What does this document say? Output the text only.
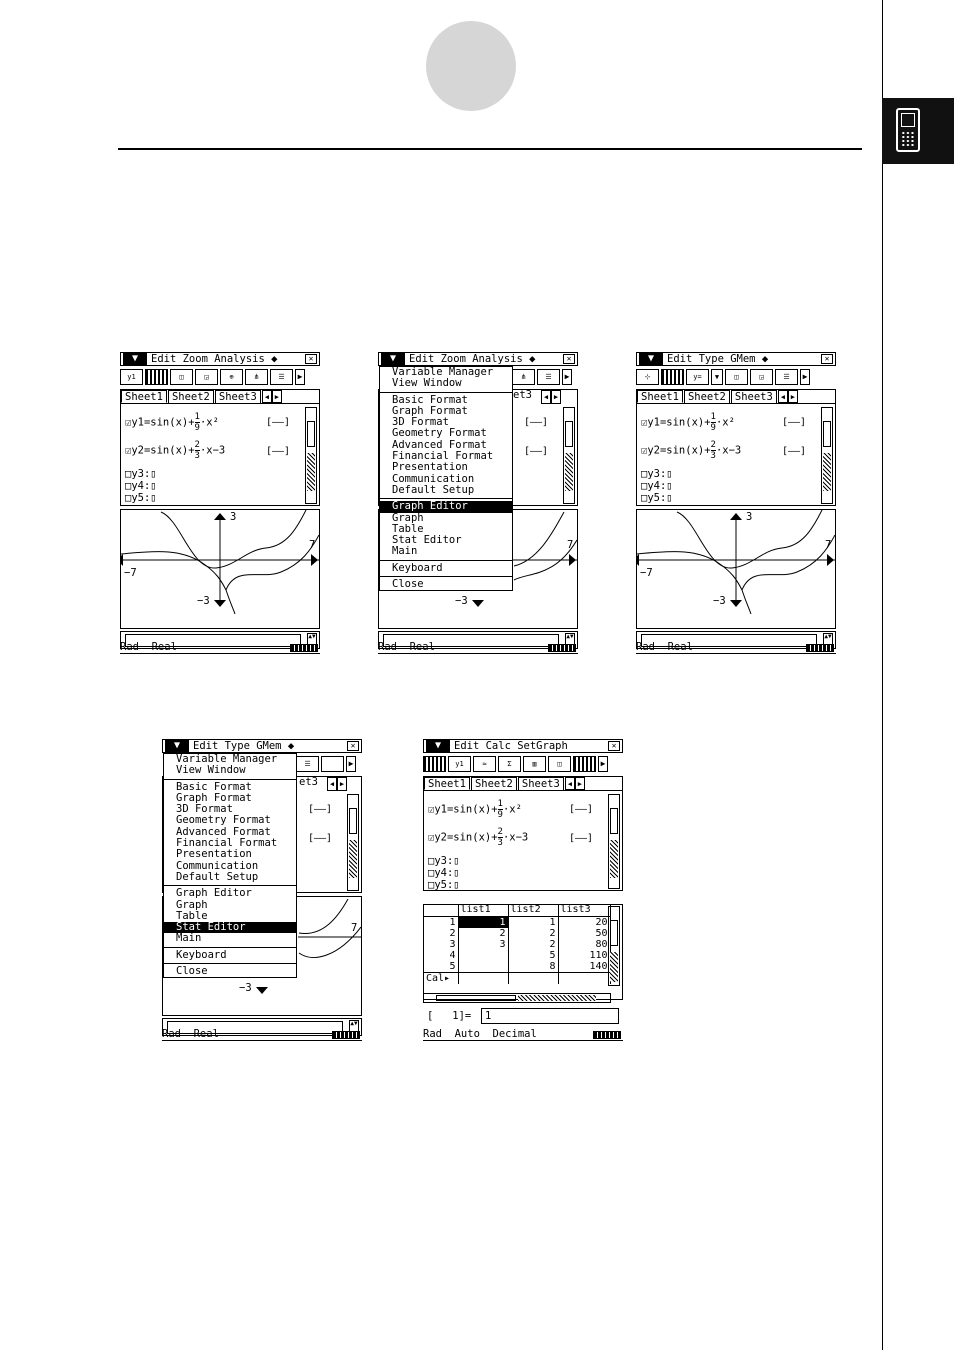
▼	Edit Zoom Analysis ◆	✕
y1	◫	◲	⊕	⋔	☰	▶
Sheet1 Sheet2 Sheet3	◀ ▶
☑y1=sin(x)+ $\frac{1}{9} \cdot x^2$	[——]
☑y2=sin(x)+ $\frac{2}{3} \cdot x-3$	[——]
□y3:▯
□y4:▯
□y5:▯
3
−3
7
−7
▲▼
Rad  Real
▼	Edit Zoom Analysis ◆	✕
⋔	☰	▶
et3	◀ ▶
[——]
[——]
−3
7
▲▼
Rad  Real
Variable Manager
View Window
Basic Format
Graph Format
3D Format
Geometry Format
Advanced Format
Financial Format
Presentation
Communication
Default Setup
Graph Editor
Graph
Table
Stat Editor
Main
Keyboard
Close
▼	Edit Type GMem ◆	✕
⊹	y=	▼	◫	◲	☰	▶
Sheet1 Sheet2 Sheet3	◀ ▶
☑y1=sin(x)+ $\frac{1}{9} \cdot x^2$	[——]
☑y2=sin(x)+ $\frac{2}{3} \cdot x-3$	[——]
□y3:▯
□y4:▯
□y5:▯
3
−3
7
−7
▲▼
Rad  Real
▼	Edit Type GMem ◆	✕
☰	▶
et3	◀ ▶
[——]
[——]
−3
7
▲▼
Rad  Real
Variable Manager
View Window
Basic Format
Graph Format
3D Format
Geometry Format
Advanced Format
Financial Format
Presentation
Communication
Default Setup
Graph Editor
Graph
Table
Stat Editor
Main
Keyboard
Close
▼	Edit Calc SetGraph	✕
y1	≈	Σ	▥	◫	▶
Sheet1 Sheet2 Sheet3	◀ ▶
☑y1=sin(x)+ $\frac{1}{9} \cdot x^2$	[——]
☑y2=sin(x)+ $\frac{2}{3} \cdot x-3$	[——]
□y3:▯
□y4:▯
□y5:▯
	list1	list2	list3
1	1	1	20
2	2	2	50
3	3	2	80
4		5	110
5		8	140
Cal▸			
[   1]=	1
Rad  Auto  Decimal
